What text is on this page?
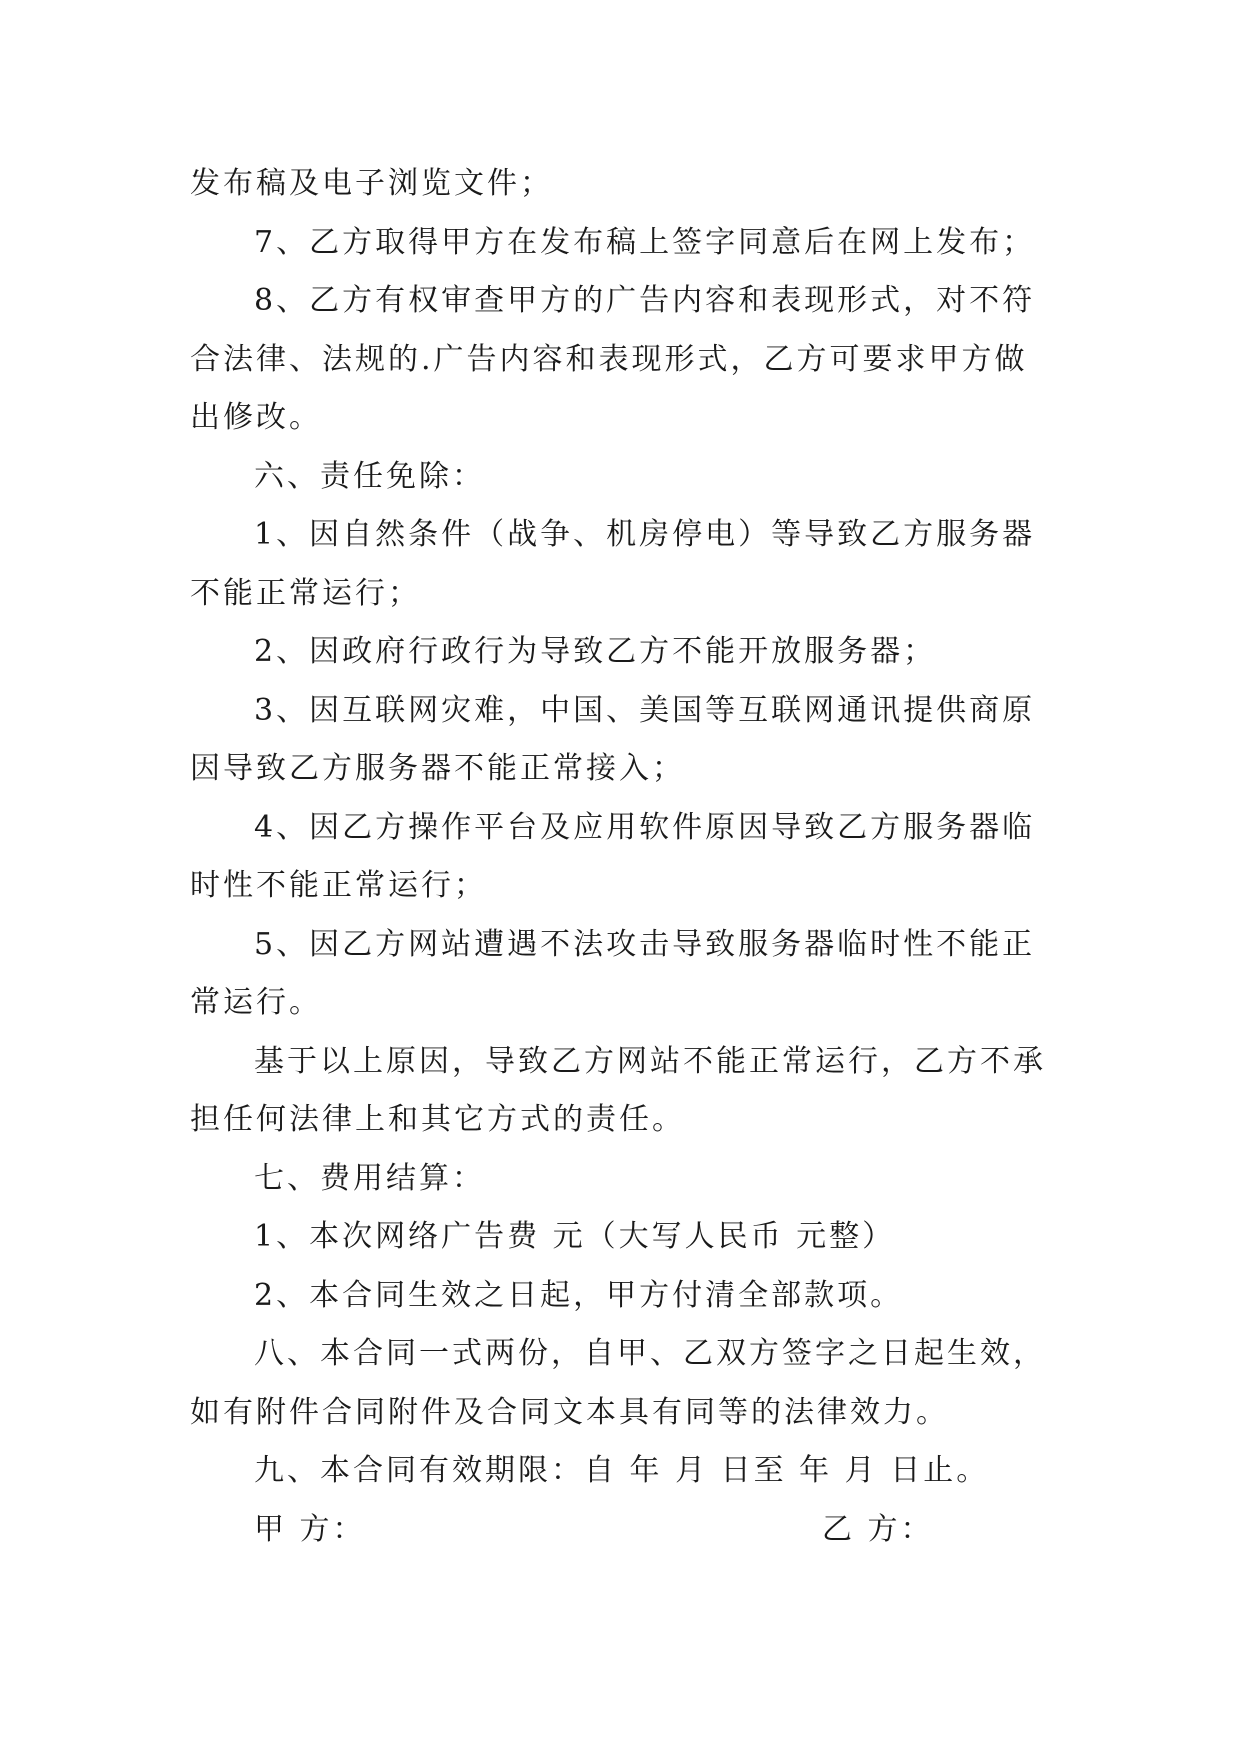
发布稿及电子浏览文件；
7、乙方取得甲方在发布稿上签字同意后在网上发布；
8、乙方有权审查甲方的广告内容和表现形式，对不符
合法律、法规的.广告内容和表现形式，乙方可要求甲方做
出修改。
六、责任免除：
1、因自然条件（战争、机房停电）等导致乙方服务器
不能正常运行；
2、因政府行政行为导致乙方不能开放服务器；
3、因互联网灾难，中国、美国等互联网通讯提供商原
因导致乙方服务器不能正常接入；
4、因乙方操作平台及应用软件原因导致乙方服务器临
时性不能正常运行；
5、因乙方网站遭遇不法攻击导致服务器临时性不能正
常运行。
基于以上原因，导致乙方网站不能正常运行，乙方不承
担任何法律上和其它方式的责任。
七、费用结算：
1、本次网络广告费 元（大写人民币 元整）
2、本合同生效之日起，甲方付清全部款项。
八、本合同一式两份，自甲、乙双方签字之日起生效，
如有附件合同附件及合同文本具有同等的法律效力。
九、本合同有效期限：自 年 月 日至 年 月 日止。
甲 方：	乙 方：
